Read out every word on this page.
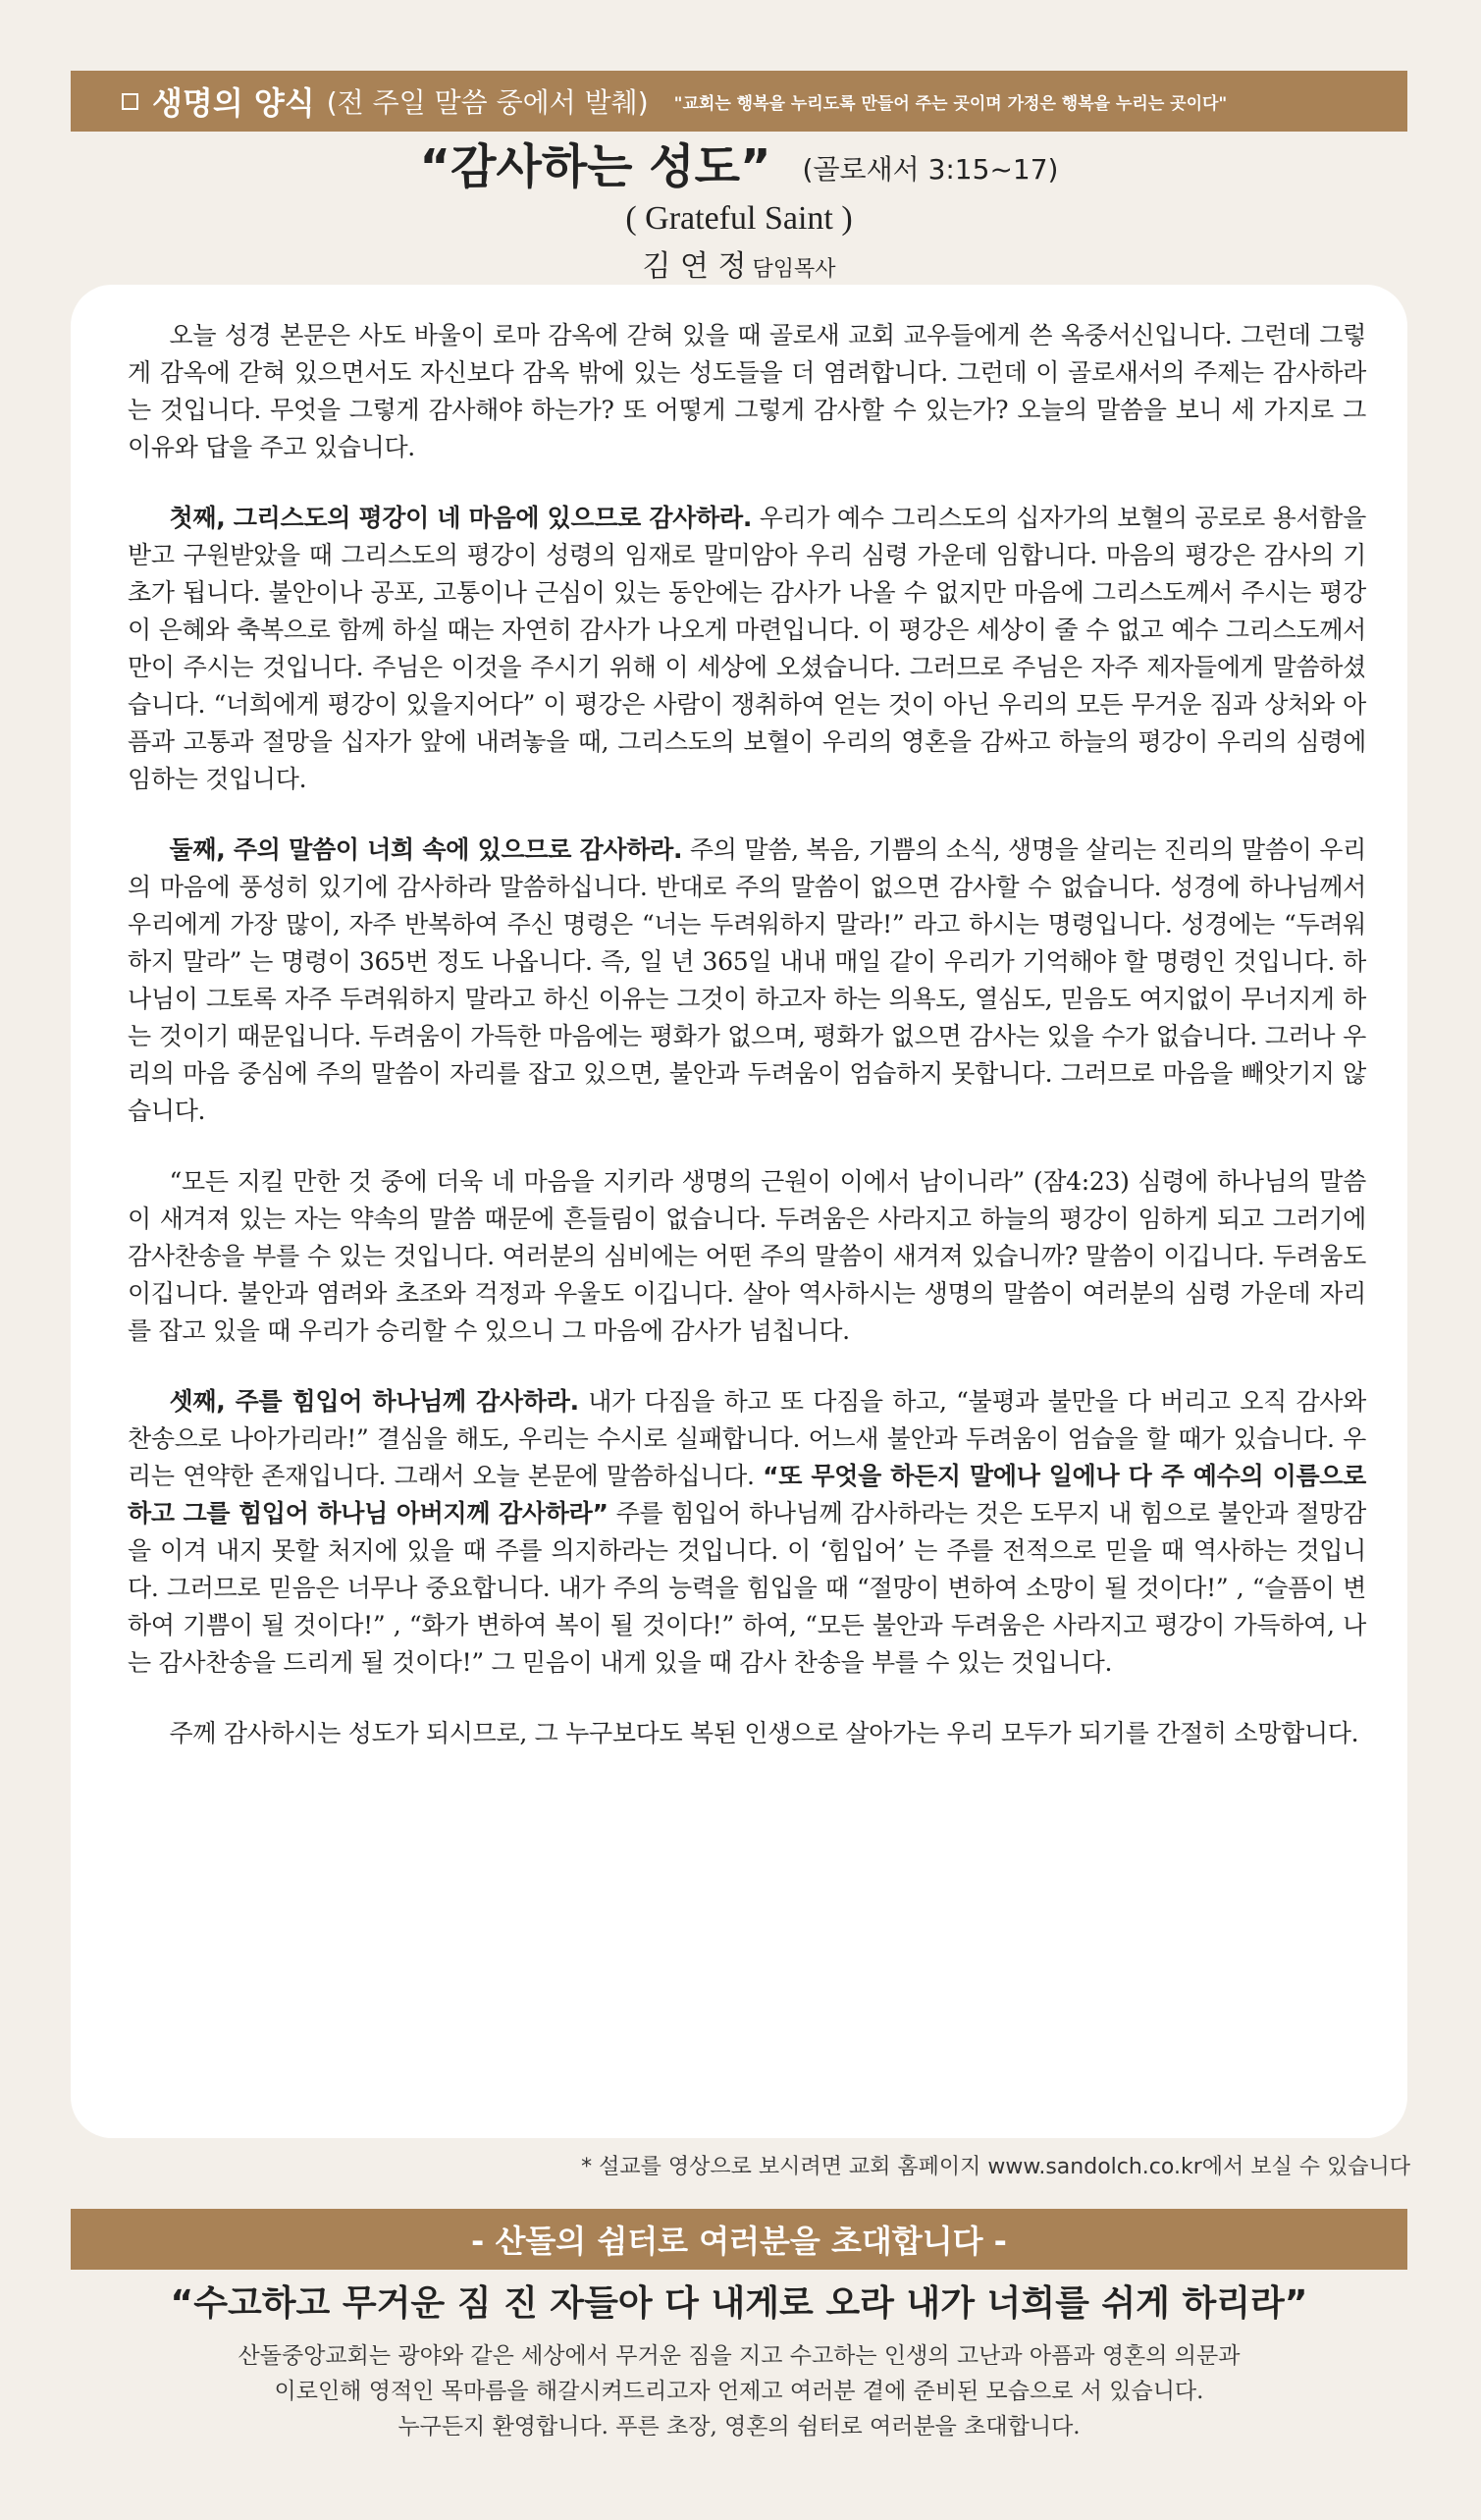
생명의 양식 (전 주일 말씀 중에서 발췌) "교회는 행복을 누리도록 만들어 주는 곳이며 가정은 행복을 누리는 곳이다"
“감사하는 성도” (골로새서 3:15~17)
( Grateful Saint )
김 연 정 담임목사

오늘 성경 본문은 사도 바울이 로마 감옥에 갇혀 있을 때 골로새 교회 교우들에게 쓴 옥중서신입니다. 그런데 그렇게 감옥에 갇혀 있으면서도 자신보다 감옥 밖에 있는 성도들을 더 염려합니다. 그런데 이 골로새서의 주제는 감사하라는 것입니다. 무엇을 그렇게 감사해야 하는가? 또 어떻게 그렇게 감사할 수 있는가? 오늘의 말씀을 보니 세 가지로 그 이유와 답을 주고 있습니다.

첫째, 그리스도의 평강이 네 마음에 있으므로 감사하라. 우리가 예수 그리스도의 십자가의 보혈의 공로로 용서함을 받고 구원받았을 때 그리스도의 평강이 성령의 임재로 말미암아 우리 심령 가운데 임합니다. 마음의 평강은 감사의 기초가 됩니다. 불안이나 공포, 고통이나 근심이 있는 동안에는 감사가 나올 수 없지만 마음에 그리스도께서 주시는 평강이 은혜와 축복으로 함께 하실 때는 자연히 감사가 나오게 마련입니다. 이 평강은 세상이 줄 수 없고 예수 그리스도께서만이 주시는 것입니다. 주님은 이것을 주시기 위해 이 세상에 오셨습니다. 그러므로 주님은 자주 제자들에게 말씀하셨습니다. “너희에게 평강이 있을지어다” 이 평강은 사람이 쟁취하여 얻는 것이 아닌 우리의 모든 무거운 짐과 상처와 아픔과 고통과 절망을 십자가 앞에 내려놓을 때, 그리스도의 보혈이 우리의 영혼을 감싸고 하늘의 평강이 우리의 심령에 임하는 것입니다.

둘째, 주의 말씀이 너희 속에 있으므로 감사하라. 주의 말씀, 복음, 기쁨의 소식, 생명을 살리는 진리의 말씀이 우리의 마음에 풍성히 있기에 감사하라 말씀하십니다. 반대로 주의 말씀이 없으면 감사할 수 없습니다. 성경에 하나님께서 우리에게 가장 많이, 자주 반복하여 주신 명령은 “너는 두려워하지 말라!” 라고 하시는 명령입니다. 성경에는 “두려워하지 말라” 는 명령이 365번 정도 나옵니다. 즉, 일 년 365일 내내 매일 같이 우리가 기억해야 할 명령인 것입니다. 하나님이 그토록 자주 두려워하지 말라고 하신 이유는 그것이 하고자 하는 의욕도, 열심도, 믿음도 여지없이 무너지게 하는 것이기 때문입니다. 두려움이 가득한 마음에는 평화가 없으며, 평화가 없으면 감사는 있을 수가 없습니다. 그러나 우리의 마음 중심에 주의 말씀이 자리를 잡고 있으면, 불안과 두려움이 엄습하지 못합니다. 그러므로 마음을 빼앗기지 않습니다.

“모든 지킬 만한 것 중에 더욱 네 마음을 지키라 생명의 근원이 이에서 남이니라” (잠4:23) 심령에 하나님의 말씀이 새겨져 있는 자는 약속의 말씀 때문에 흔들림이 없습니다. 두려움은 사라지고 하늘의 평강이 임하게 되고 그러기에 감사찬송을 부를 수 있는 것입니다. 여러분의 심비에는 어떤 주의 말씀이 새겨져 있습니까? 말씀이 이깁니다. 두려움도 이깁니다. 불안과 염려와 초조와 걱정과 우울도 이깁니다. 살아 역사하시는 생명의 말씀이 여러분의 심령 가운데 자리를 잡고 있을 때 우리가 승리할 수 있으니 그 마음에 감사가 넘칩니다.

셋째, 주를 힘입어 하나님께 감사하라. 내가 다짐을 하고 또 다짐을 하고, “불평과 불만을 다 버리고 오직 감사와 찬송으로 나아가리라!” 결심을 해도, 우리는 수시로 실패합니다. 어느새 불안과 두려움이 엄습을 할 때가 있습니다. 우리는 연약한 존재입니다. 그래서 오늘 본문에 말씀하십니다. “또 무엇을 하든지 말에나 일에나 다 주 예수의 이름으로 하고 그를 힘입어 하나님 아버지께 감사하라” 주를 힘입어 하나님께 감사하라는 것은 도무지 내 힘으로 불안과 절망감을 이겨 내지 못할 처지에 있을 때 주를 의지하라는 것입니다. 이 ‘힘입어’ 는 주를 전적으로 믿을 때 역사하는 것입니다. 그러므로 믿음은 너무나 중요합니다. 내가 주의 능력을 힘입을 때 “절망이 변하여 소망이 될 것이다!” , “슬픔이 변하여 기쁨이 될 것이다!” , “화가 변하여 복이 될 것이다!” 하여, “모든 불안과 두려움은 사라지고 평강이 가득하여, 나는 감사찬송을 드리게 될 것이다!” 그 믿음이 내게 있을 때 감사 찬송을 부를 수 있는 것입니다.

주께 감사하시는 성도가 되시므로, 그 누구보다도 복된 인생으로 살아가는 우리 모두가 되기를 간절히 소망합니다.

* 설교를 영상으로 보시려면 교회 홈페이지 www.sandolch.co.kr에서 보실 수 있습니다
- 산돌의 쉼터로 여러분을 초대합니다 -
“수고하고 무거운 짐 진 자들아 다 내게로 오라 내가 너희를 쉬게 하리라”
산돌중앙교회는 광야와 같은 세상에서 무거운 짐을 지고 수고하는 인생의 고난과 아픔과 영혼의 의문과
이로인해 영적인 목마름을 해갈시켜드리고자 언제고 여러분 곁에 준비된 모습으로 서 있습니다.
누구든지 환영합니다. 푸른 초장, 영혼의 쉼터로 여러분을 초대합니다.
